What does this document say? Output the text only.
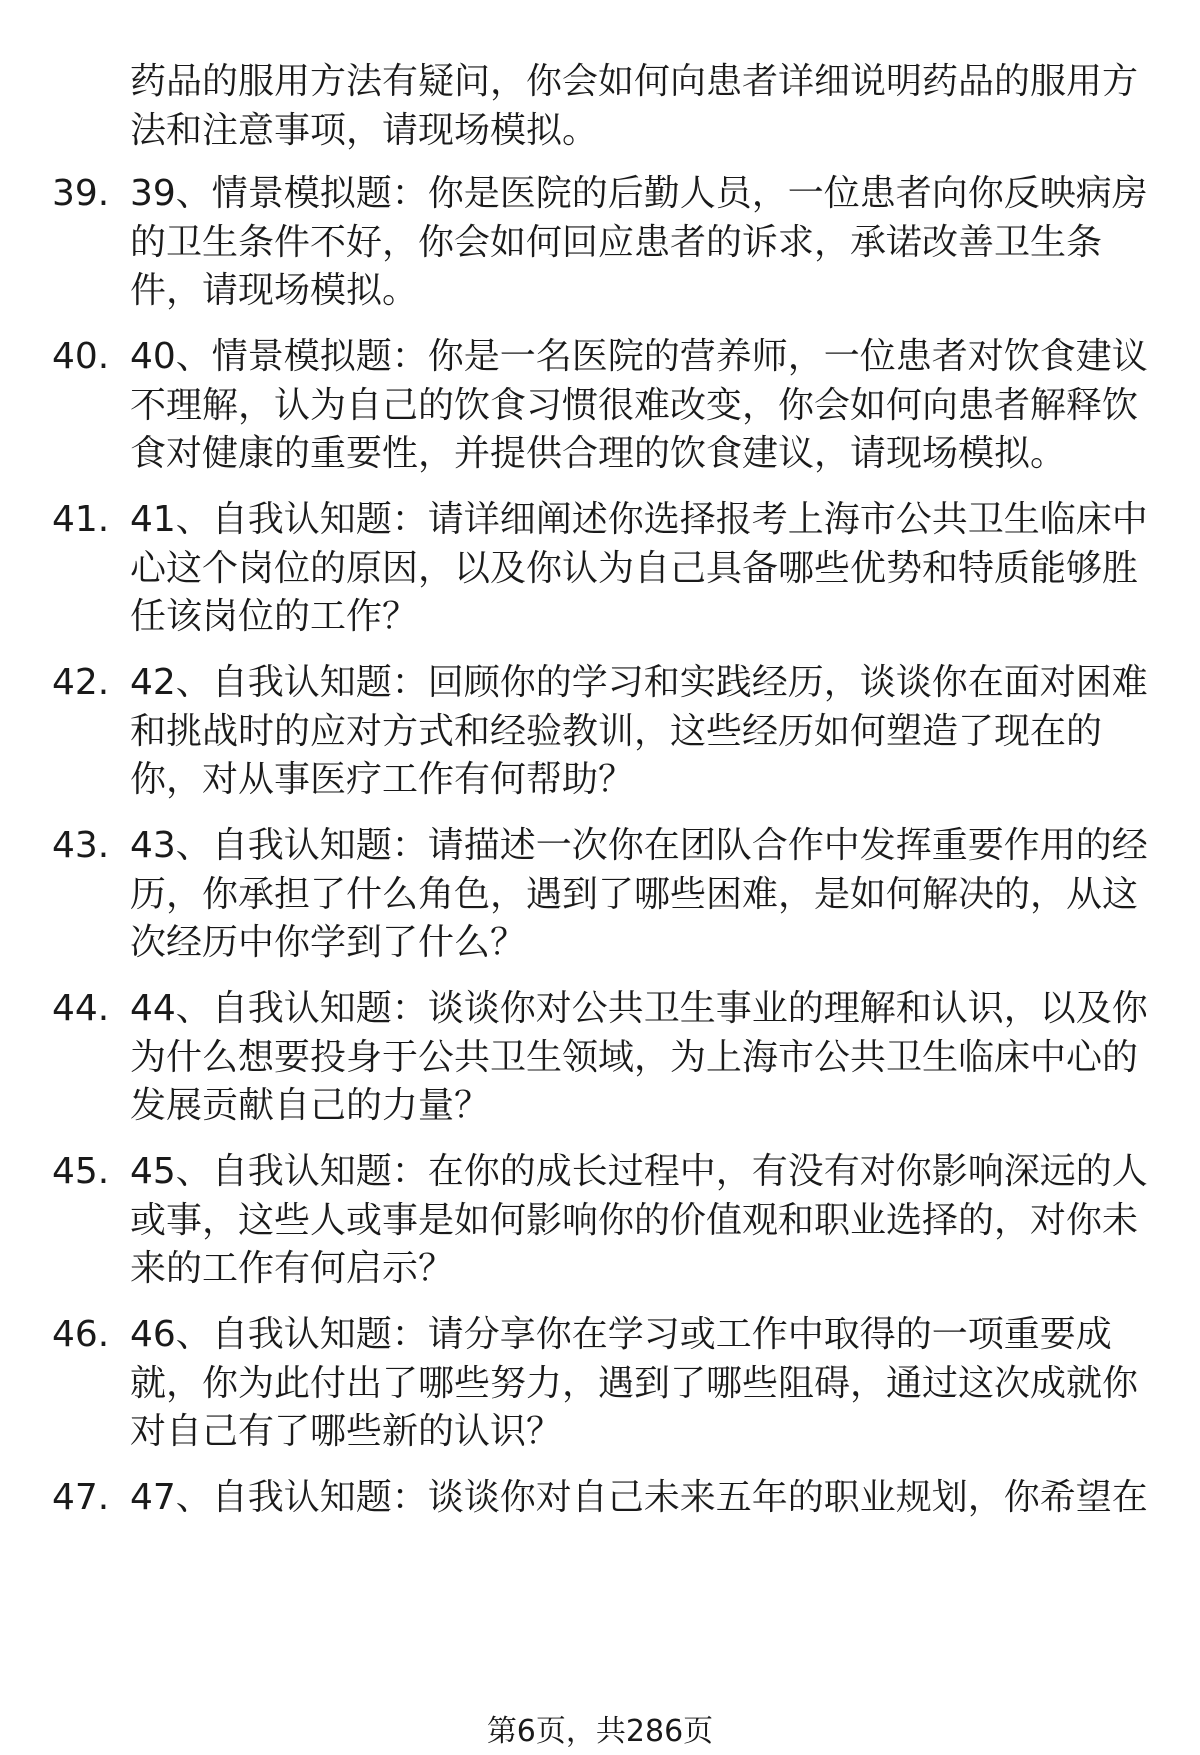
药品的服用方法有疑问，你会如何向患者详细说明药品的服用方法和注意事项，请现场模拟。
39. 39、情景模拟题：你是医院的后勤人员，一位患者向你反映病房的卫生条件不好，你会如何回应患者的诉求，承诺改善卫生条件，请现场模拟。
40. 40、情景模拟题：你是一名医院的营养师，一位患者对饮食建议不理解，认为自己的饮食习惯很难改变，你会如何向患者解释饮食对健康的重要性，并提供合理的饮食建议，请现场模拟。
41. 41、自我认知题：请详细阐述你选择报考上海市公共卫生临床中心这个岗位的原因，以及你认为自己具备哪些优势和特质能够胜任该岗位的工作？
42. 42、自我认知题：回顾你的学习和实践经历，谈谈你在面对困难和挑战时的应对方式和经验教训，这些经历如何塑造了现在的你，对从事医疗工作有何帮助？
43. 43、自我认知题：请描述一次你在团队合作中发挥重要作用的经历，你承担了什么角色，遇到了哪些困难，是如何解决的，从这次经历中你学到了什么？
44. 44、自我认知题：谈谈你对公共卫生事业的理解和认识，以及你为什么想要投身于公共卫生领域，为上海市公共卫生临床中心的发展贡献自己的力量？
45. 45、自我认知题：在你的成长过程中，有没有对你影响深远的人或事，这些人或事是如何影响你的价值观和职业选择的，对你未来的工作有何启示？
46. 46、自我认知题：请分享你在学习或工作中取得的一项重要成就，你为此付出了哪些努力，遇到了哪些阻碍，通过这次成就你对自己有了哪些新的认识？
47. 47、自我认知题：谈谈你对自己未来五年的职业规划，你希望在
第6页，共286页
